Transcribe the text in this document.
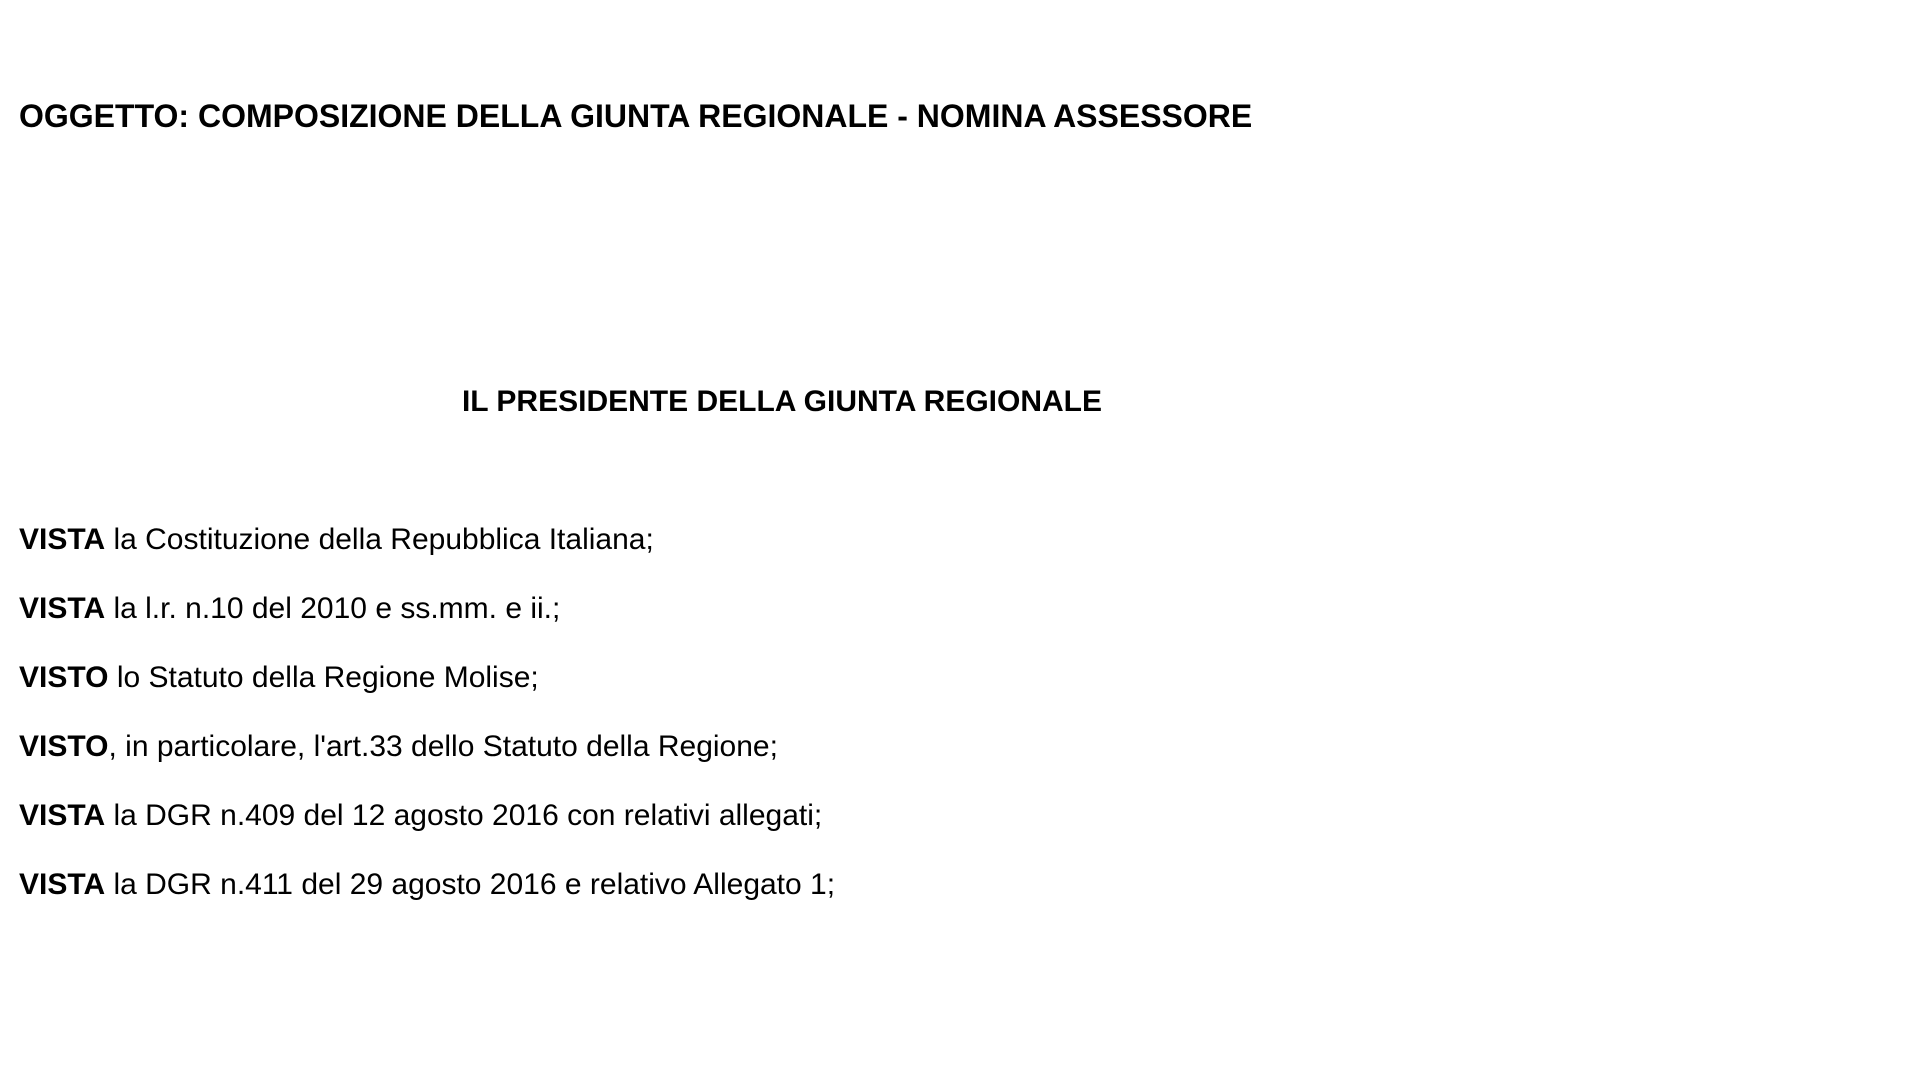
OGGETTO: COMPOSIZIONE DELLA GIUNTA REGIONALE - NOMINA ASSESSORE
IL PRESIDENTE DELLA GIUNTA REGIONALE

VISTA la Costituzione della Repubblica Italiana;

VISTA la l.r. n.10 del 2010 e ss.mm. e ii.;

VISTO lo Statuto della Regione Molise;

VISTO, in particolare, l'art.33 dello Statuto della Regione;

VISTA la DGR n.409 del 12 agosto 2016 con relativi allegati;

VISTA la DGR n.411 del 29 agosto 2016 e relativo Allegato 1;
